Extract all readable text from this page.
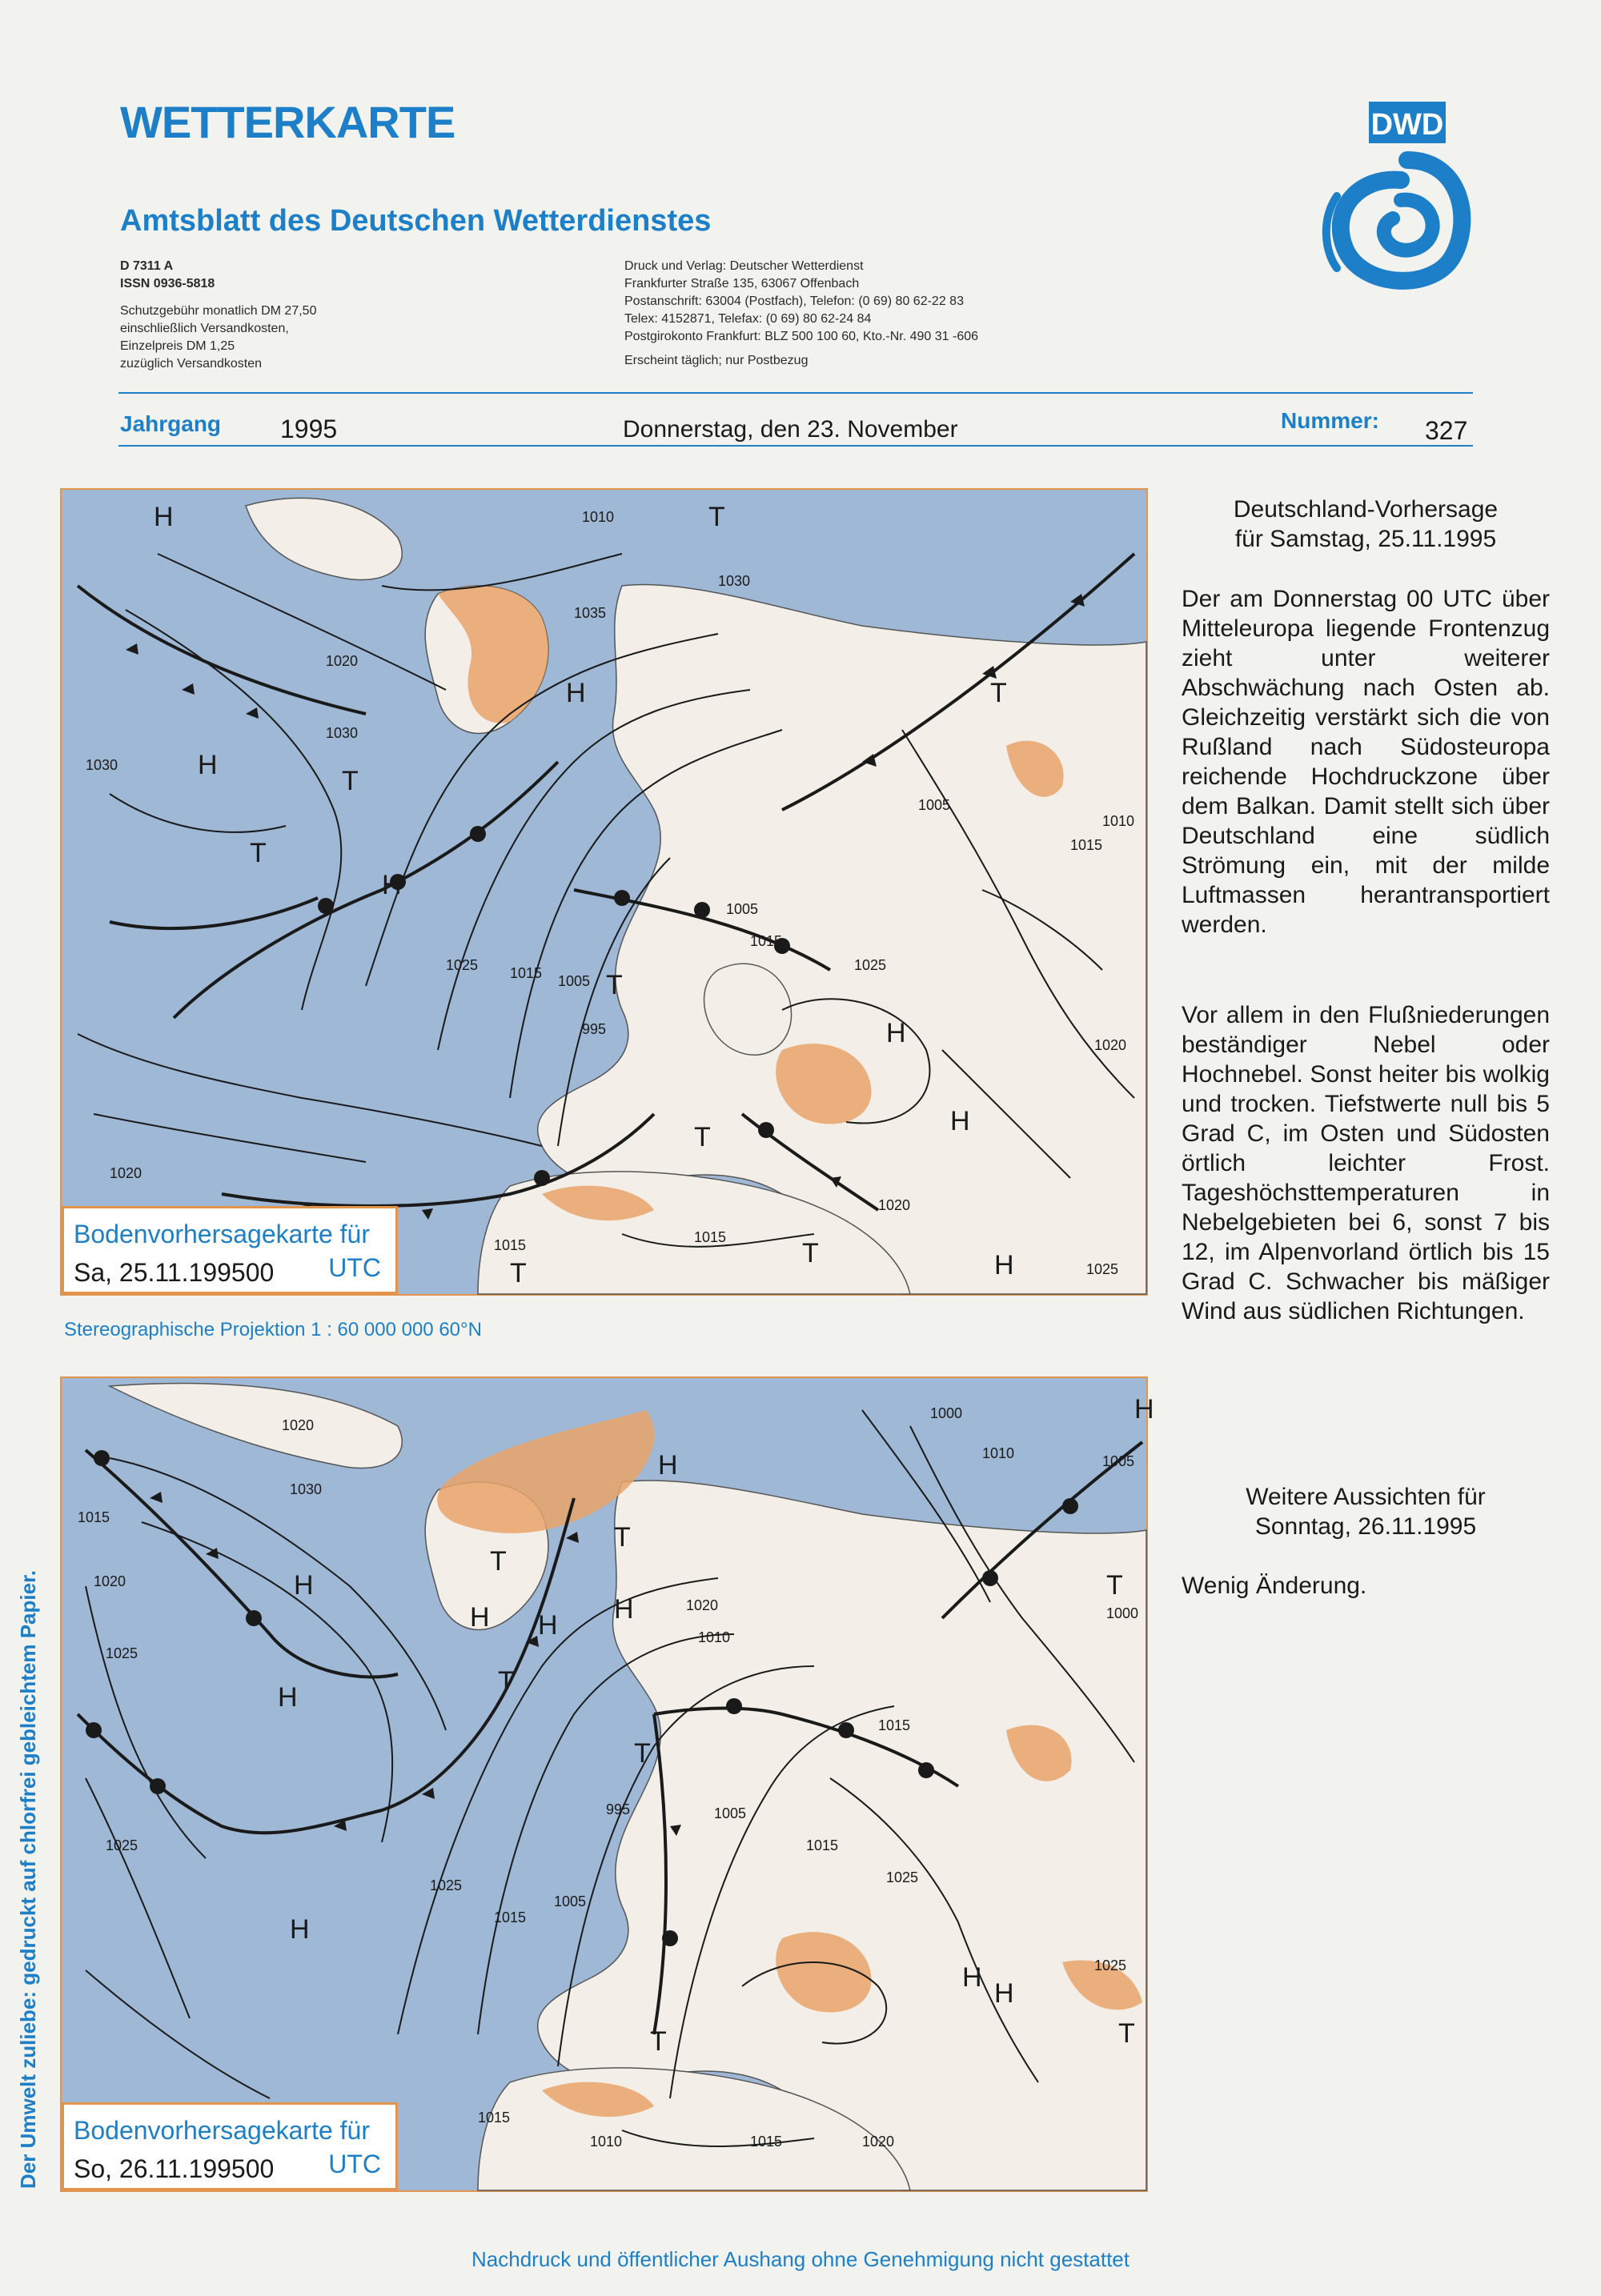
WETTERKARTE
Amtsblatt des Deutschen Wetterdienstes
D 7311 A
ISSN 0936-5818
Schutzgebühr monatlich DM 27,50
einschließlich Versandkosten,
Einzelpreis DM 1,25
zuzüglich Versandkosten
Druck und Verlag: Deutscher Wetterdienst
Frankfurter Straße 135, 63067 Offenbach
Postanschrift: 63004 (Postfach), Telefon: (0 69) 80 62-22 83
Telex: 4152871, Telefax: (0 69) 80 62-24 84
Postgirokonto Frankfurt: BLZ 500 100 60, Kto.-Nr. 490 31 -606
Erscheint täglich; nur Postbezug
DWD
Jahrgang 1995	Donnerstag, den 23. November	Nummer: 327
1010
1030
1035
1020
1030
1030
1025 1015 1005
995
1005
1015
1025
1020
1015
1005
1015
1010
1020
1020
1015
1025
H
H
H
T
T
H
T
T
H
T
H
T	H
T
T
Bodenvorhersagekarte für
Sa, 25.11.199500 UTC
Stereographische Projektion 1 : 60 000 000 60°N
1020
1030
1015
1020
1025
1025
1025
1020
1010
1015
1015
995	1005
1015
1025
1005
1000
1010	1005
1000
1025
1015
1010	1015	1020
H
H
H
T
H H
T
T
H
H
T
H
T
H
T
H
T
Bodenvorhersagekarte für
So, 26.11.199500 UTC
Deutschland-Vorhersage
für Samstag, 25.11.1995
Der am Donnerstag 00 UTC über Mitteleuropa liegende Frontenzug zieht unter weiterer Abschwächung nach Osten ab. Gleichzeitig verstärkt sich die von Rußland nach Südosteuropa reichende Hochdruckzone über dem Balkan. Damit stellt sich über Deutschland eine südlich Strömung ein, mit der milde Luftmassen herantransportiert werden.
Vor allem in den Flußniederungen beständiger Nebel oder Hochnebel. Sonst heiter bis wolkig und trocken. Tiefstwerte null bis 5 Grad C, im Osten und Südosten örtlich leichter Frost. Tageshöchsttemperaturen in Nebelgebieten bei 6, sonst 7 bis 12, im Alpenvorland örtlich bis 15 Grad C. Schwacher bis mäßiger Wind aus südlichen Richtungen.
Weitere Aussichten für
Sonntag, 26.11.1995
Wenig Änderung.
Der Umwelt zuliebe: gedruckt auf chlorfrei gebleichtem Papier.
Nachdruck und öffentlicher Aushang ohne Genehmigung nicht gestattet
